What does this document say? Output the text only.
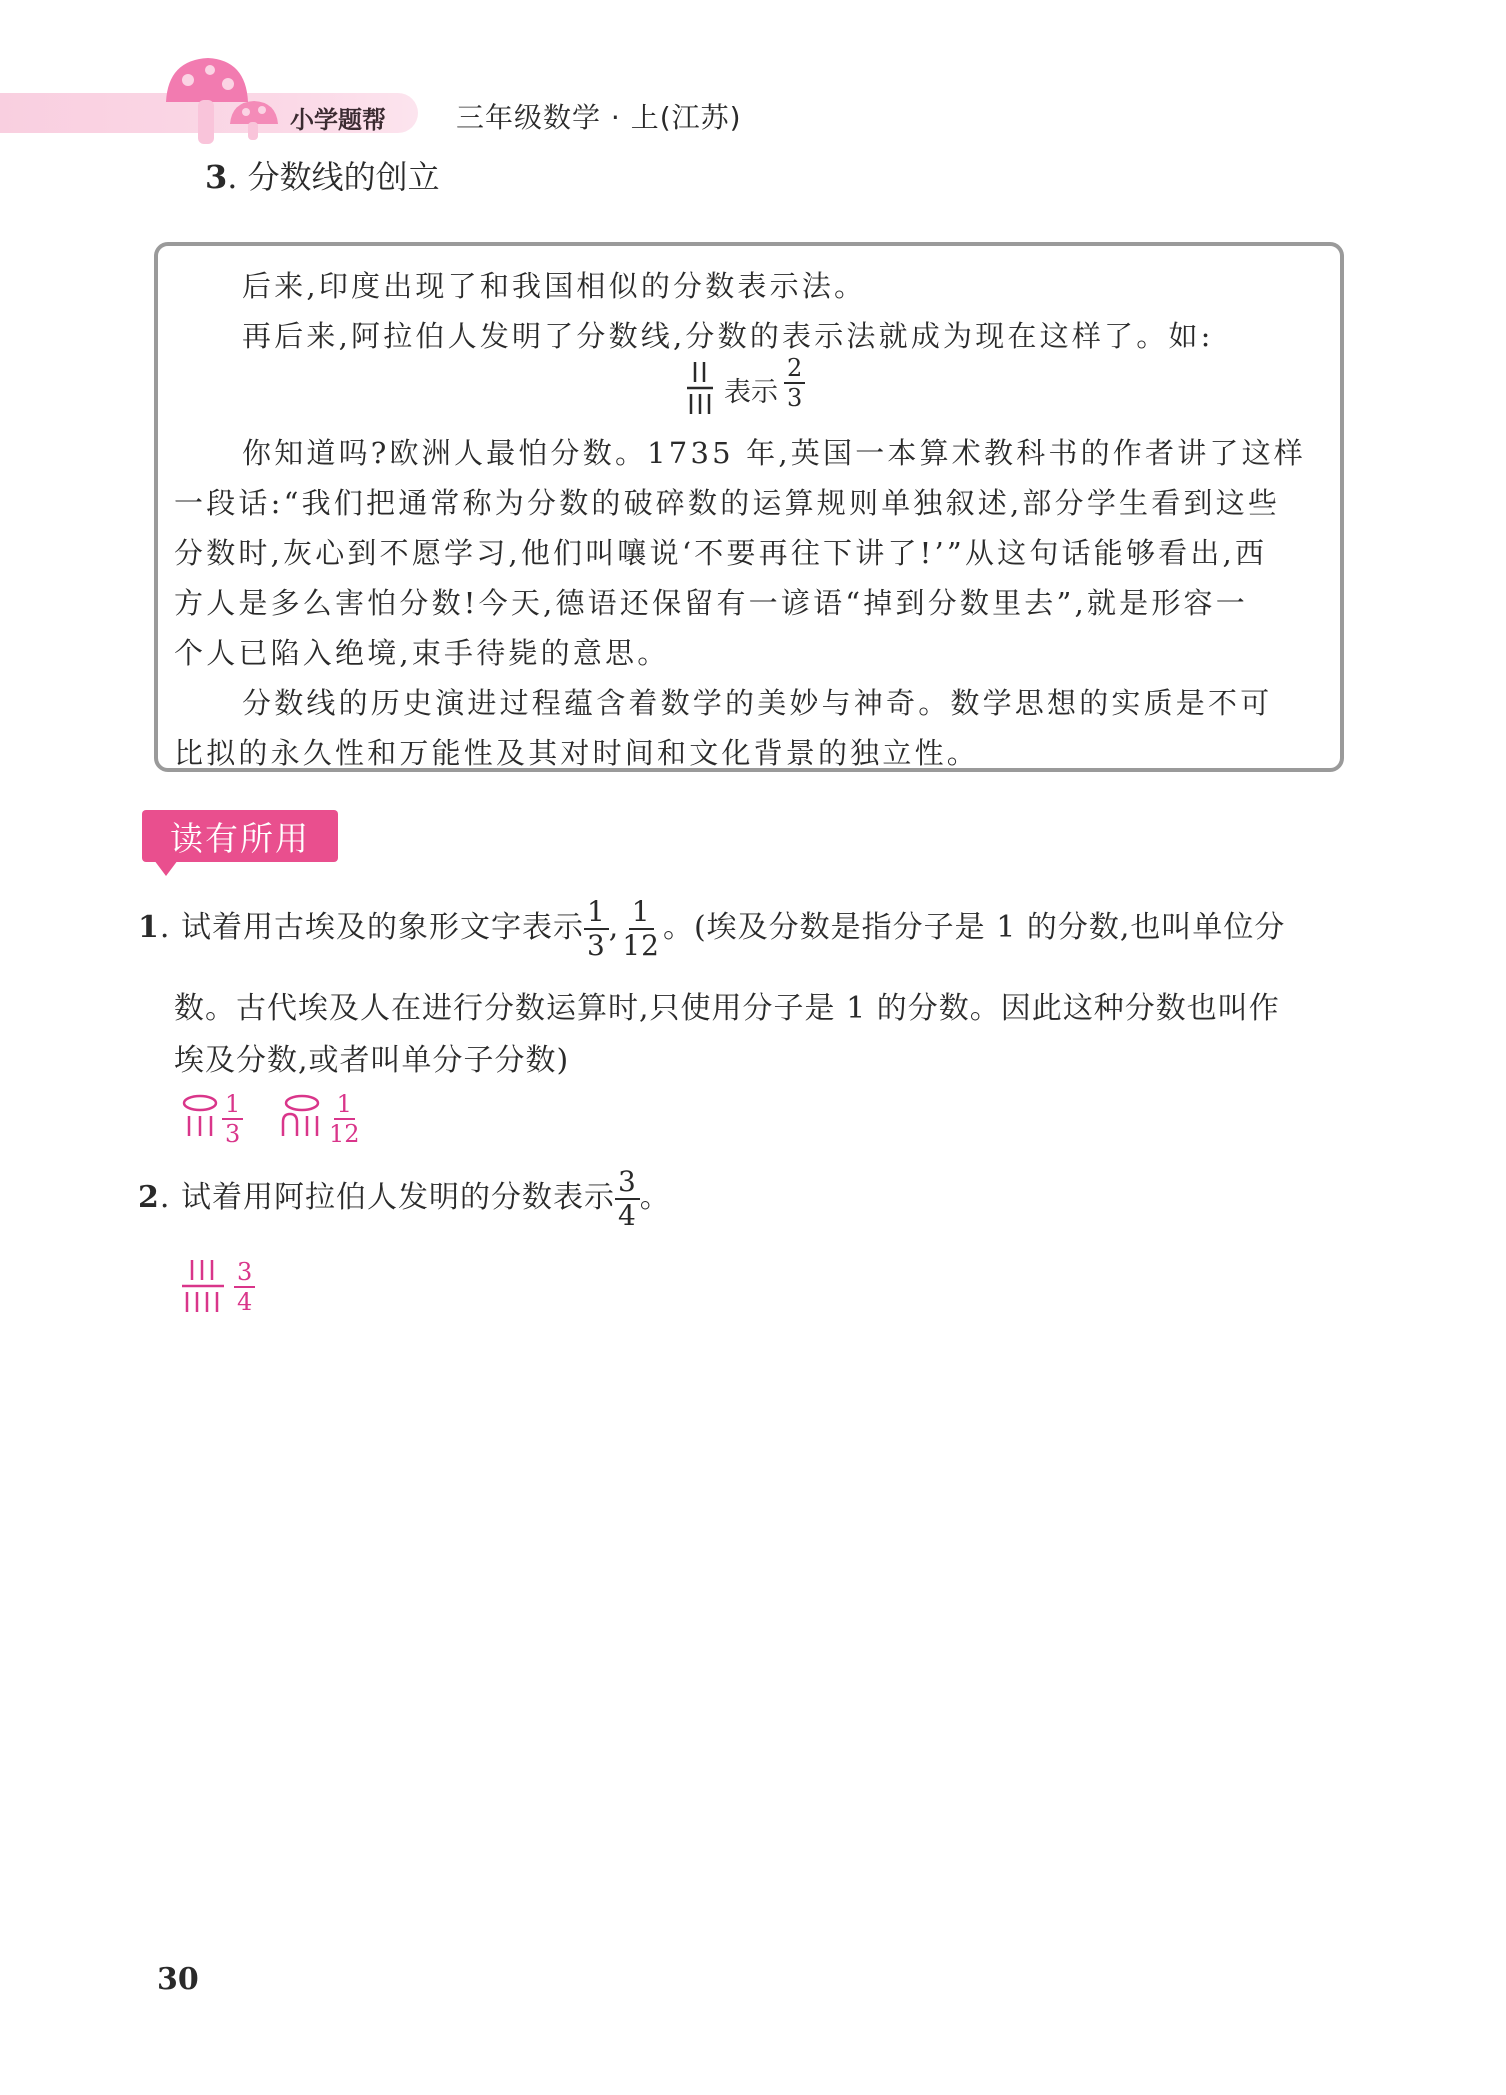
小学题帮	三年级数学 · 上(江苏)
3. 分数线的创立
后来,印度出现了和我国相似的分数表示法。
再后来,阿拉伯人发明了分数线,分数的表示法就成为现在这样了。如:
表示 $\frac{2}{3}$
你知道吗?欧洲人最怕分数。1735 年,英国一本算术教科书的作者讲了这样
一段话:“我们把通常称为分数的破碎数的运算规则单独叙述,部分学生看到这些
分数时,灰心到不愿学习,他们叫嚷说‘不要再往下讲了!’”从这句话能够看出,西
方人是多么害怕分数!今天,德语还保留有一谚语“掉到分数里去”,就是形容一
个人已陷入绝境,束手待毙的意思。
分数线的历史演进过程蕴含着数学的美妙与神奇。数学思想的实质是不可
比拟的永久性和万能性及其对时间和文化背景的独立性。
读有所用
1. 试着用古埃及的象形文字表示 $\frac{1}{3}$ , $\frac{1}{12}$ 。(埃及分数是指分子是 1 的分数,也叫单位分
数。古代埃及人在进行分数运算时,只使用分子是 1 的分数。因此这种分数也叫作
埃及分数,或者叫单分子分数)
$\frac{1}{3}$	$\frac{1}{12}$
2. 试着用阿拉伯人发明的分数表示 $\frac{3}{4}$ 。
$\frac{3}{4}$
30
